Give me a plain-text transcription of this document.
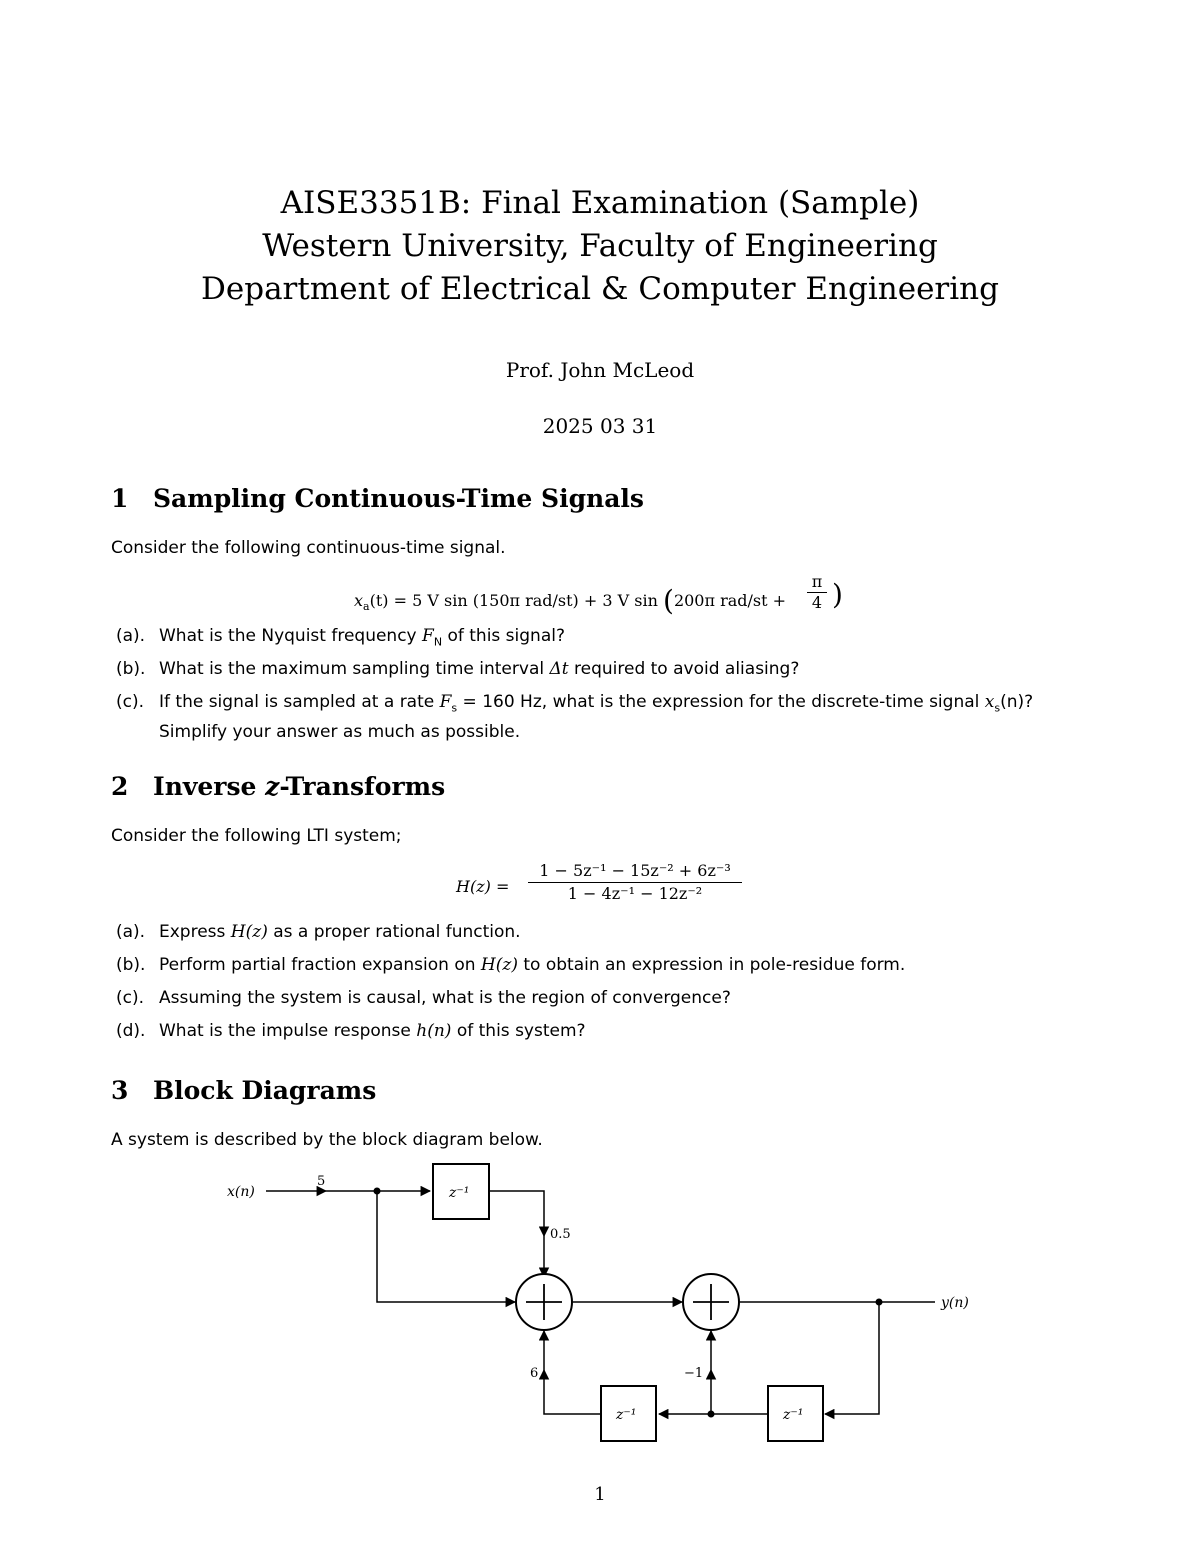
AISE3351B: Final Examination (Sample)
Western University, Faculty of Engineering
Department of Electrical & Computer Engineering
Prof. John McLeod
2025 03 31
1 Sampling Continuous-Time Signals
Consider the following continuous-time signal.
$x_a(t) = 5$ V sin (150π rad/st) + 3 V sin (200π $rad/st + \frac{\pi}{4}$ )
(a). What is the Nyquist frequency $F_N$ of this signal?
(b). What is the maximum sampling time interval Δt required to avoid aliasing?
(c). If the signal is sampled at a rate $F_s = 160$ Hz, what is the expression for the discrete-time signal $x_s(n)$? Simplify your answer as much as possible.
2 Inverse z-Transforms
Consider the following LTI system;
$H(z) = \frac{\text{1 − 5z⁻¹ − 15z⁻² + 6z⁻³}}{\text{1 − 4z⁻¹ − 12z⁻²}}$
(a). Express H(z) as a proper rational function.
(b). Perform partial fraction expansion on H(z) to obtain an expression in pole-residue form.
(c). Assuming the system is causal, what is the region of convergence?
(d). What is the impulse response h(n) of this system?
3 Block Diagrams
A system is described by the block diagram below.
x(n)
y(n)
5
z⁻¹
z⁻¹	z⁻¹
0.5
6	−1
1
